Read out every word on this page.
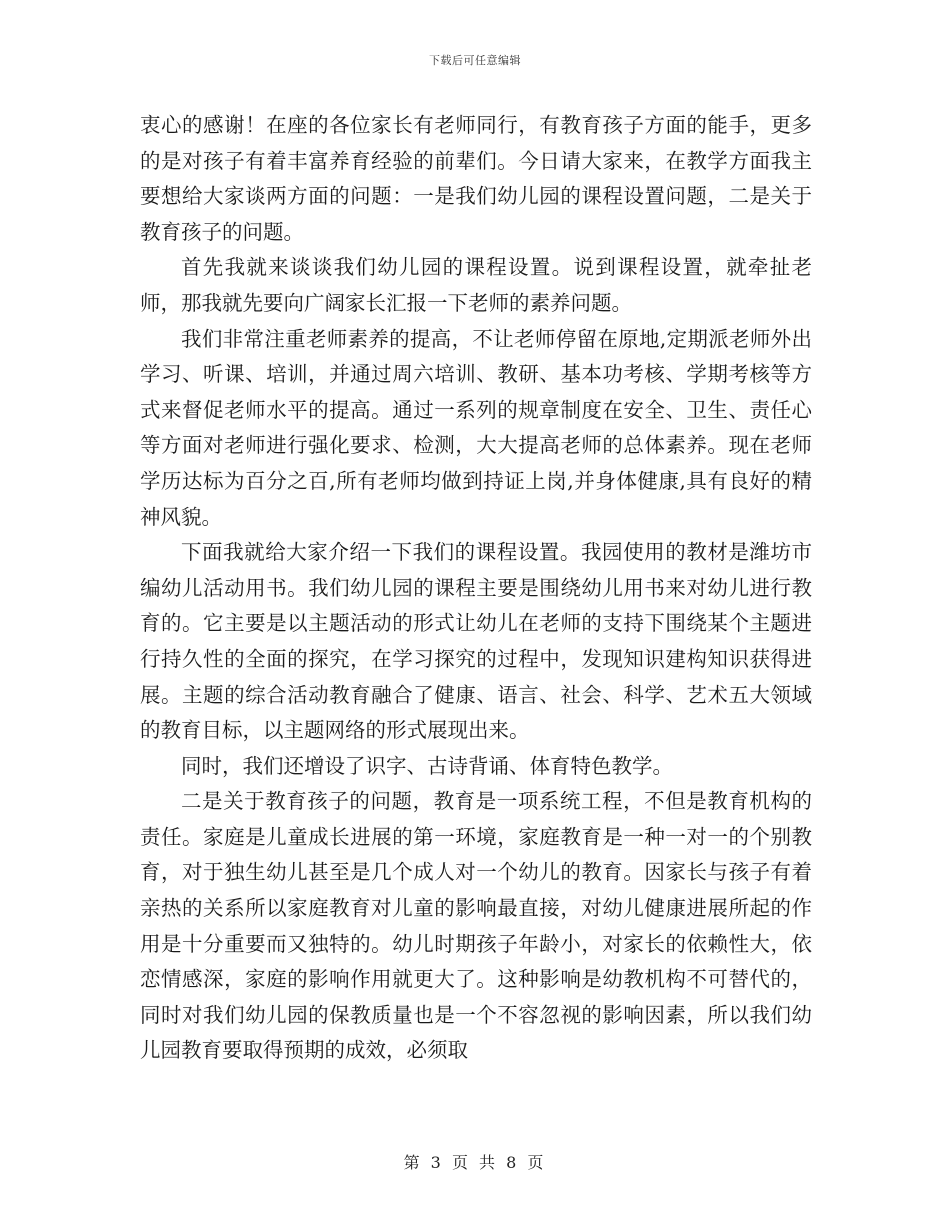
下载后可任意编辑

衷心的感谢！在座的各位家长有老师同行，有教育孩子方面的能手，更多的是对孩子有着丰富养育经验的前辈们。今日请大家来，在教学方面我主要想给大家谈两方面的问题：一是我们幼儿园的课程设置问题，二是关于教育孩子的问题。

首先我就来谈谈我们幼儿园的课程设置。说到课程设置，就牵扯老师，那我就先要向广阔家长汇报一下老师的素养问题。

我们非常注重老师素养的提高，不让老师停留在原地,定期派老师外出学习、听课、培训，并通过周六培训、教研、基本功考核、学期考核等方式来督促老师水平的提高。通过一系列的规章制度在安全、卫生、责任心等方面对老师进行强化要求、检测，大大提高老师的总体素养。现在老师学历达标为百分之百,所有老师均做到持证上岗,并身体健康,具有良好的精神风貌。

下面我就给大家介绍一下我们的课程设置。我园使用的教材是潍坊市编幼儿活动用书。我们幼儿园的课程主要是围绕幼儿用书来对幼儿进行教育的。它主要是以主题活动的形式让幼儿在老师的支持下围绕某个主题进行持久性的全面的探究，在学习探究的过程中，发现知识建构知识获得进展。主题的综合活动教育融合了健康、语言、社会、科学、艺术五大领域的教育目标，以主题网络的形式展现出来。

同时，我们还增设了识字、古诗背诵、体育特色教学。

二是关于教育孩子的问题，教育是一项系统工程，不但是教育机构的责任。家庭是儿童成长进展的第一环境，家庭教育是一种一对一的个别教育，对于独生幼儿甚至是几个成人对一个幼儿的教育。因家长与孩子有着亲热的关系所以家庭教育对儿童的影响最直接，对幼儿健康进展所起的作用是十分重要而又独特的。幼儿时期孩子年龄小，对家长的依赖性大，依恋情感深，家庭的影响作用就更大了。这种影响是幼教机构不可替代的，同时对我们幼儿园的保教质量也是一个不容忽视的影响因素，所以我们幼儿园教育要取得预期的成效，必须取

第 3 页 共 8 页
